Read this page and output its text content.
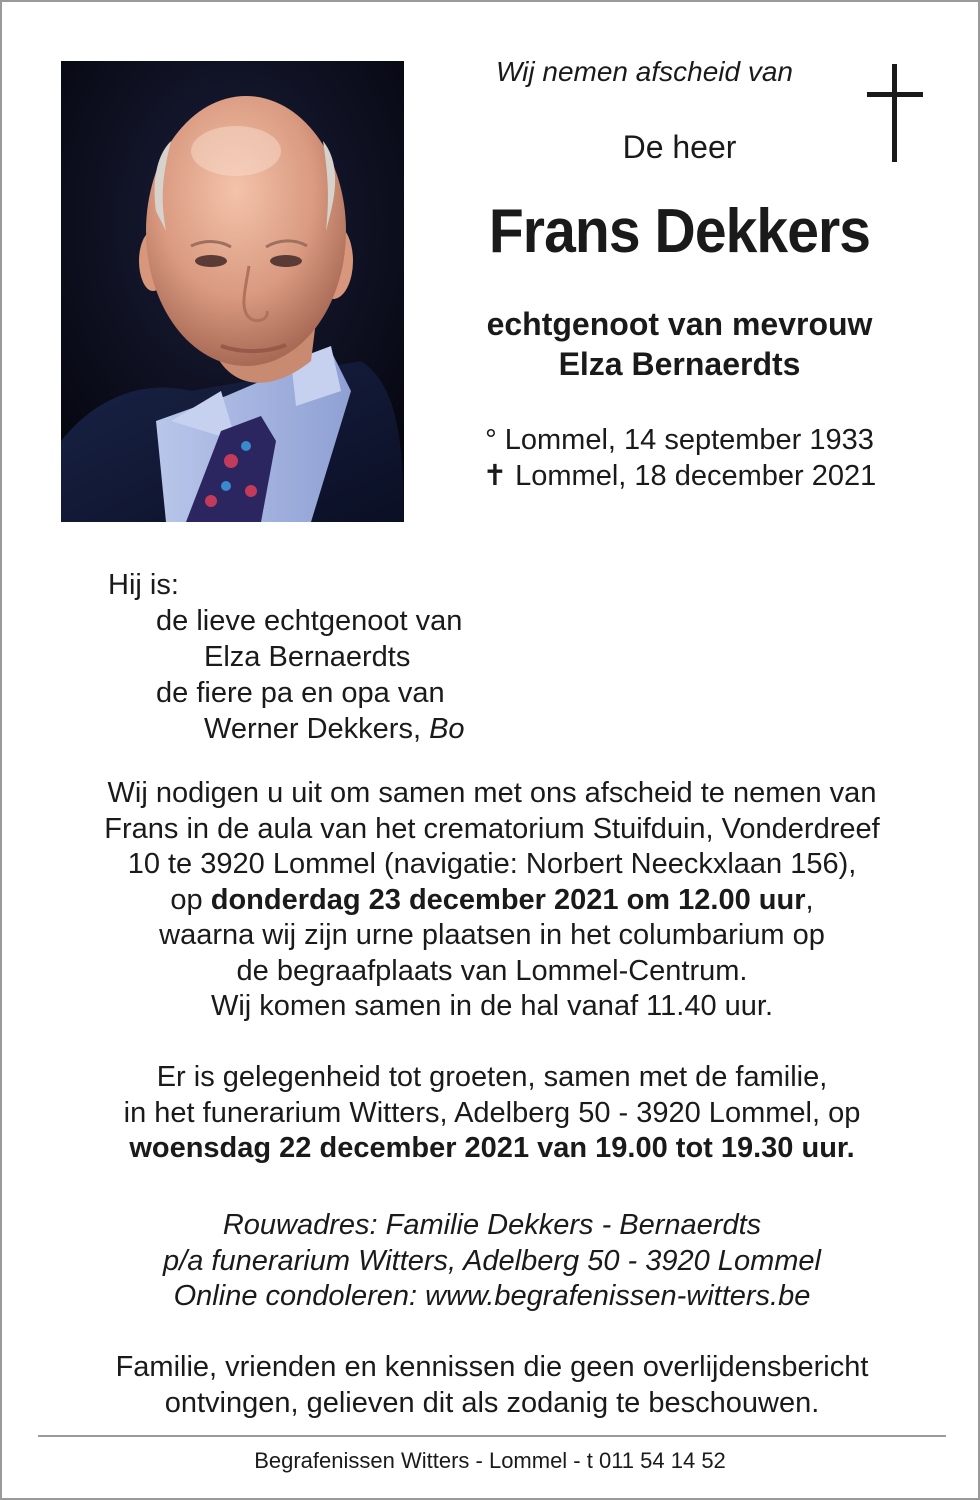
Wij nemen afscheid van
De heer
Frans Dekkers
echtgenoot van mevrouw
Elza Bernaerdts
° Lommel, 14 september 1933
✝ Lommel, 18 december 2021
Hij is:
de lieve echtgenoot van
Elza Bernaerdts
de fiere pa en opa van
Werner Dekkers, Bo
Wij nodigen u uit om samen met ons afscheid te nemen van
Frans in de aula van het crematorium Stuifduin, Vonderdreef
10 te 3920 Lommel (navigatie: Norbert Neeckxlaan 156),
op donderdag 23 december 2021 om 12.00 uur,
waarna wij zijn urne plaatsen in het columbarium op
de begraafplaats van Lommel-Centrum.
Wij komen samen in de hal vanaf 11.40 uur.
Er is gelegenheid tot groeten, samen met de familie,
in het funerarium Witters, Adelberg 50 - 3920 Lommel, op
woensdag 22 december 2021 van 19.00 tot 19.30 uur.
Rouwadres: Familie Dekkers - Bernaerdts
p/a funerarium Witters, Adelberg 50 - 3920 Lommel
Online condoleren: www.begrafenissen-witters.be
Familie, vrienden en kennissen die geen overlijdensbericht
ontvingen, gelieven dit als zodanig te beschouwen.
Begrafenissen Witters - Lommel - t 011 54 14 52
